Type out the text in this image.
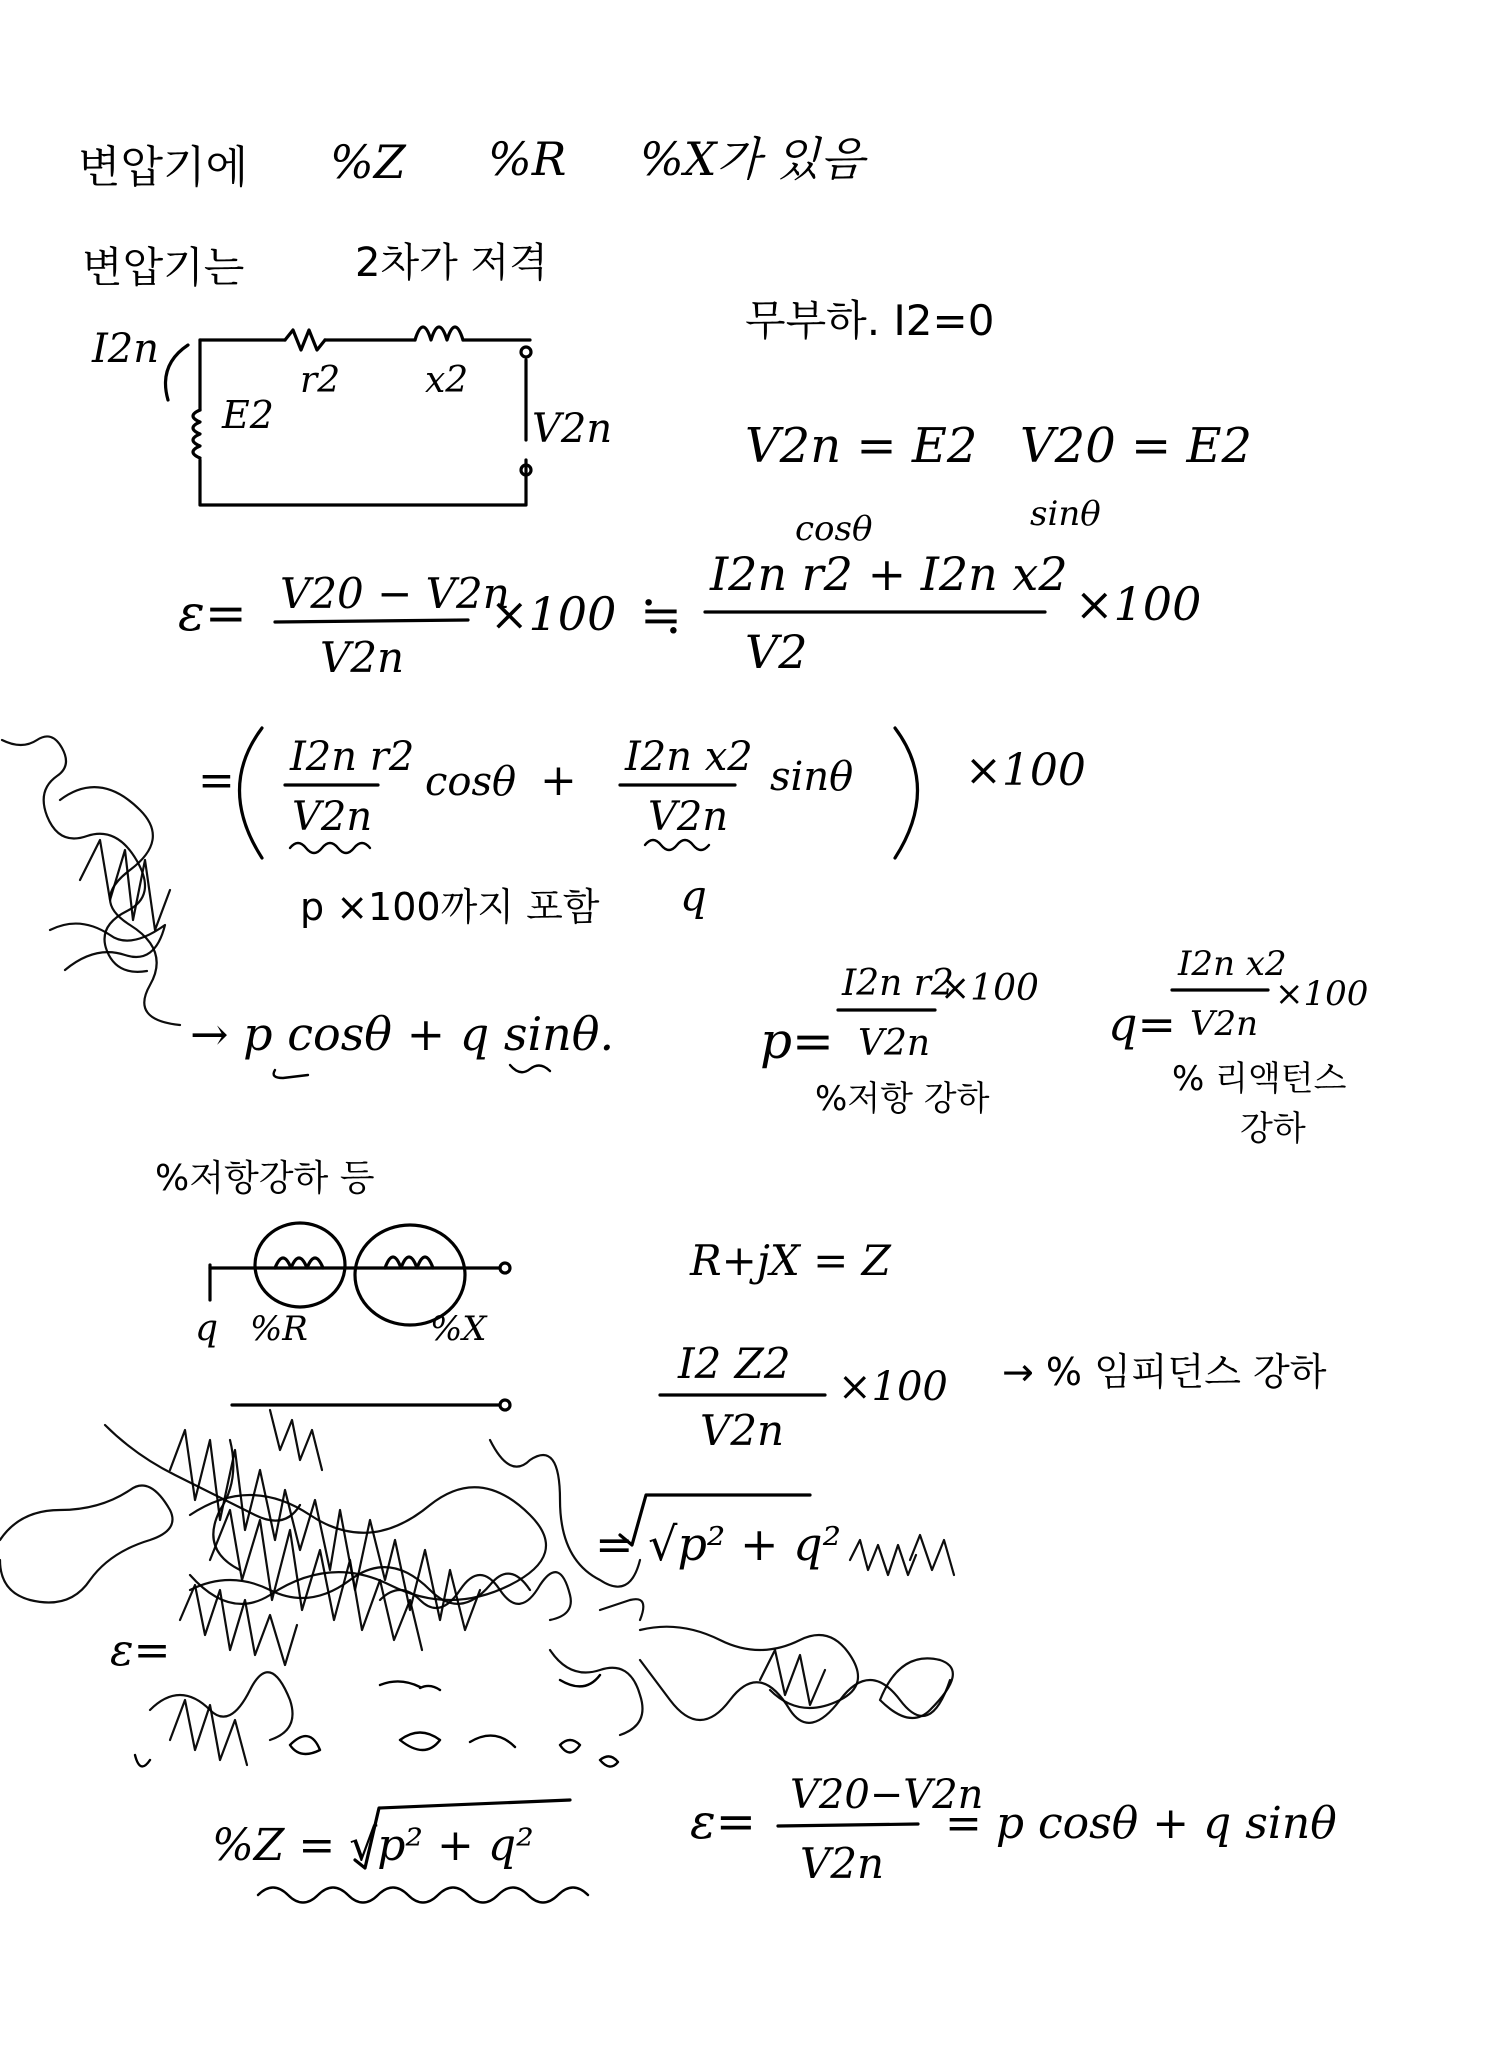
변압기에 %Z %R %X가 있음
변압기는	2차가 저격
I2n
E2
r2 x2
V2n
무부하. I2=0
V2n = E2 V20 = E2
cosθ	sinθ
ε= V20 − V2n
V2n
×100 ≒
I2n r2 + I2n x2
V2
×100
= I2n r2
V2n
cosθ + I2n x2
V2n
sinθ	×100
p ×100까지 포함 q
→ p cosθ + q sinθ.	p=
I2n r2
V2n
×100
%저항 강하
q=
I2n x2
V2n
×100
% 리액턴스
강하
%저항강하 등
q %R	%X
R+jX = Z
I2 Z2
V2n
×100 → % 임피던스 강하
ε=
= √p² + q²
%Z = √p² + q²	ε= V20−V2n
V2n
= p cosθ + q sinθ
